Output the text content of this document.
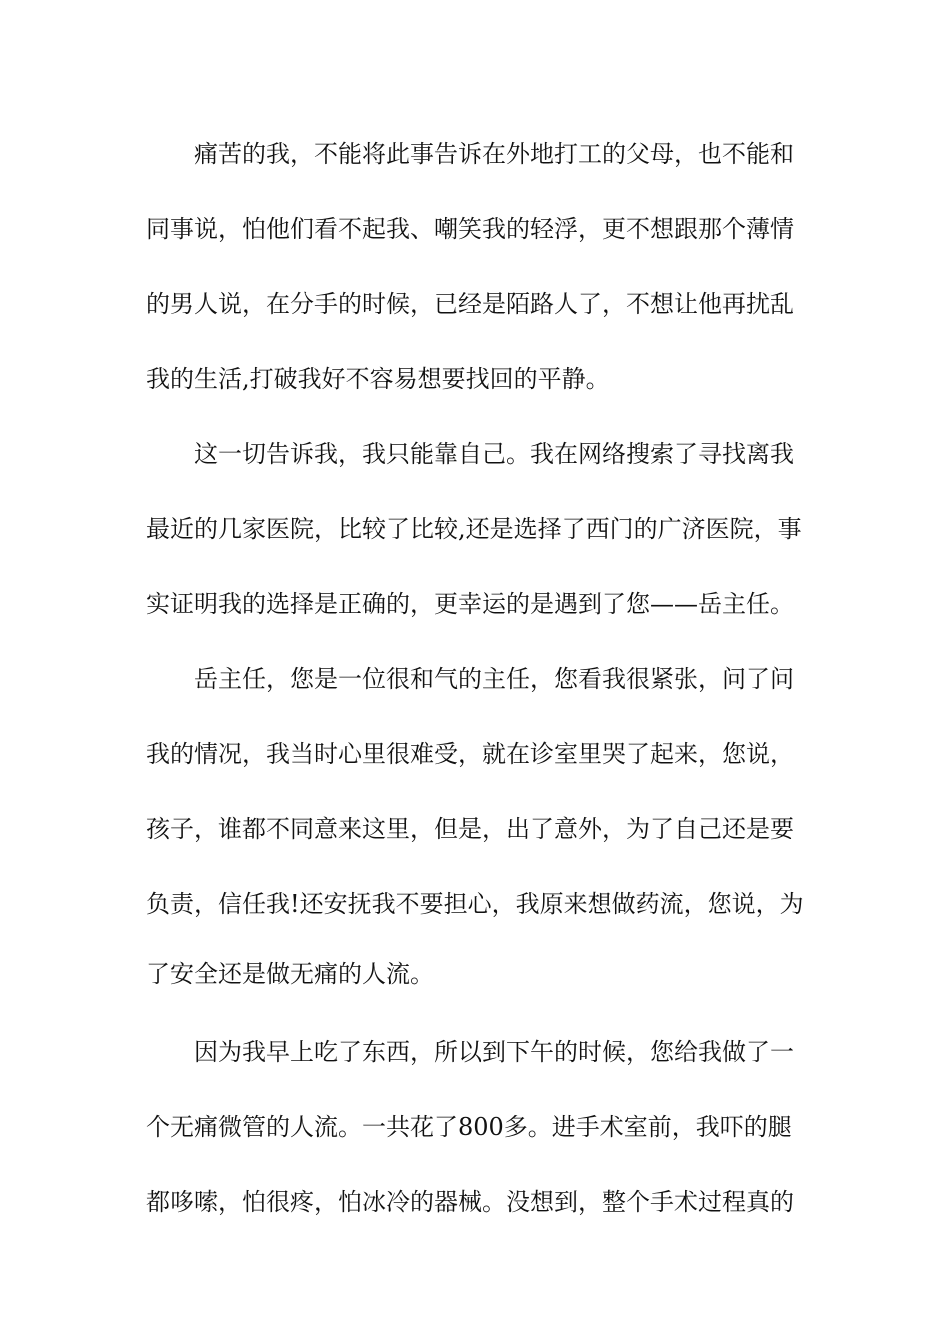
痛苦的我，不能将此事告诉在外地打工的父母，也不能和
同事说，怕他们看不起我、嘲笑我的轻浮，更不想跟那个薄情
的男人说，在分手的时候，已经是陌路人了，不想让他再扰乱
我的生活,打破我好不容易想要找回的平静。
这一切告诉我，我只能靠自己。我在网络搜索了寻找离我
最近的几家医院，比较了比较,还是选择了西门的广济医院，事
实证明我的选择是正确的，更幸运的是遇到了您——岳主任。
岳主任，您是一位很和气的主任，您看我很紧张，问了问
我的情况，我当时心里很难受，就在诊室里哭了起来，您说，
孩子，谁都不同意来这里，但是，出了意外，为了自己还是要
负责，信任我!还安抚我不要担心，我原来想做药流，您说，为
了安全还是做无痛的人流。
因为我早上吃了东西，所以到下午的时候，您给我做了一
个无痛微管的人流。一共花了800多。进手术室前，我吓的腿
都哆嗦，怕很疼，怕冰冷的器械。没想到，整个手术过程真的
